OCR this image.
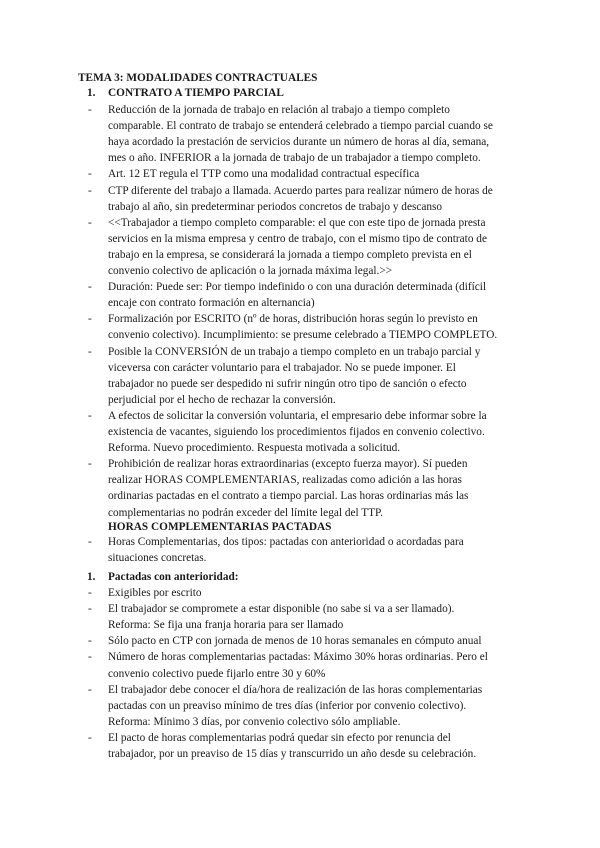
TEMA 3: MODALIDADES CONTRACTUALES
1. CONTRATO A TIEMPO PARCIAL
- Reducción de la jornada de trabajo en relación al trabajo a tiempo completo
comparable. El contrato de trabajo se entenderá celebrado a tiempo parcial cuando se
haya acordado la prestación de servicios durante un número de horas al día, semana,
mes o año. INFERIOR a la jornada de trabajo de un trabajador a tiempo completo.
- Art. 12 ET regula el TTP como una modalidad contractual específica
- CTP diferente del trabajo a llamada. Acuerdo partes para realizar número de horas de
trabajo al año, sin predeterminar periodos concretos de trabajo y descanso
- <<Trabajador a tiempo completo comparable: el que con este tipo de jornada presta
servicios en la misma empresa y centro de trabajo, con el mismo tipo de contrato de
trabajo en la empresa, se considerará la jornada a tiempo completo prevista en el
convenio colectivo de aplicación o la jornada máxima legal.>>
- Duración: Puede ser: Por tiempo indefinido o con una duración determinada (difícil
encaje con contrato formación en alternancia)
- Formalización por ESCRITO (nº de horas, distribución horas según lo previsto en
convenio colectivo). Incumplimiento: se presume celebrado a TIEMPO COMPLETO.
- Posible la CONVERSIÓN de un trabajo a tiempo completo en un trabajo parcial y
viceversa con carácter voluntario para el trabajador. No se puede imponer. El
trabajador no puede ser despedido ni sufrir ningún otro tipo de sanción o efecto
perjudicial por el hecho de rechazar la conversión.
- A efectos de solicitar la conversión voluntaria, el empresario debe informar sobre la
existencia de vacantes, siguiendo los procedimientos fijados en convenio colectivo.
Reforma. Nuevo procedimiento. Respuesta motivada a solicitud.
- Prohibición de realizar horas extraordinarias (excepto fuerza mayor). Sí pueden
realizar HORAS COMPLEMENTARIAS, realizadas como adición a las horas
ordinarias pactadas en el contrato a tiempo parcial. Las horas ordinarias más las
complementarias no podrán exceder del límite legal del TTP.
HORAS COMPLEMENTARIAS PACTADAS
- Horas Complementarias, dos tipos: pactadas con anterioridad o acordadas para
situaciones concretas.
1. Pactadas con anterioridad:
- Exigibles por escrito
- El trabajador se compromete a estar disponible (no sabe si va a ser llamado).
Reforma: Se fija una franja horaria para ser llamado
- Sólo pacto en CTP con jornada de menos de 10 horas semanales en cómputo anual
- Número de horas complementarias pactadas: Máximo 30% horas ordinarias. Pero el
convenio colectivo puede fijarlo entre 30 y 60%
- El trabajador debe conocer el día/hora de realización de las horas complementarias
pactadas con un preaviso mínimo de tres días (inferior por convenio colectivo).
Reforma: Mínimo 3 días, por convenio colectivo sólo ampliable.
- El pacto de horas complementarias podrá quedar sin efecto por renuncia del
trabajador, por un preaviso de 15 días y transcurrido un año desde su celebración.
